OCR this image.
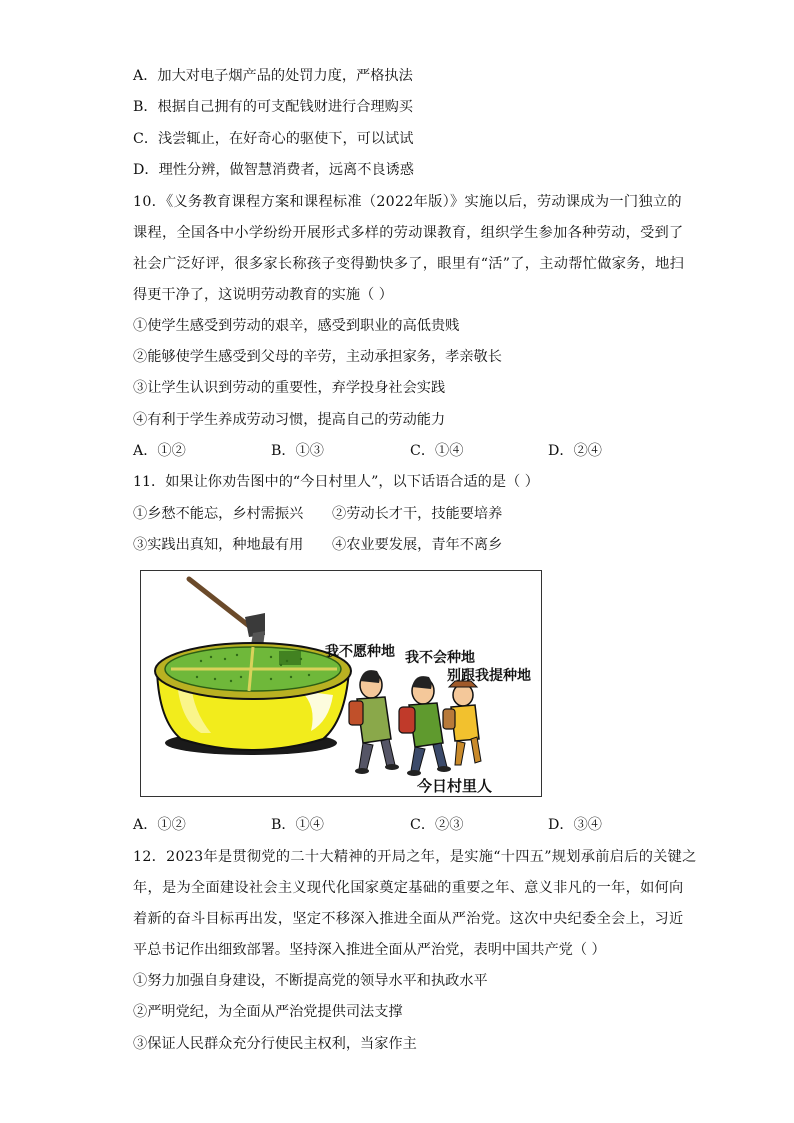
A．加大对电子烟产品的处罚力度，严格执法
B．根据自己拥有的可支配钱财进行合理购买
C．浅尝辄止，在好奇心的驱使下，可以试试
D．理性分辨，做智慧消费者，远离不良诱惑
10．《义务教育课程方案和课程标准（2022年版）》实施以后，劳动课成为一门独立的
课程，全国各中小学纷纷开展形式多样的劳动课教育，组织学生参加各种劳动，受到了
社会广泛好评，很多家长称孩子变得勤快多了，眼里有“活”了，主动帮忙做家务，地扫
得更干净了，这说明劳动教育的实施（ ）
①使学生感受到劳动的艰辛，感受到职业的高低贵贱
②能够使学生感受到父母的辛劳，主动承担家务，孝亲敬长
③让学生认识到劳动的重要性，弃学投身社会实践
④有利于学生养成劳动习惯，提高自己的劳动能力
A．①②	B．①③	C．①④	D．②④
11．如果让你劝告图中的“今日村里人”，以下话语合适的是（ ）
①乡愁不能忘，乡村需振兴 ②劳动长才干，技能要培养
③实践出真知，种地最有用 ④农业要发展，青年不离乡
我不愿种地 我不会种地
别跟我提种地
今日村里人
A．①②	B．①④	C．②③	D．③④
12．2023年是贯彻党的二十大精神的开局之年，是实施“十四五”规划承前启后的关键之
年，是为全面建设社会主义现代化国家奠定基础的重要之年、意义非凡的一年，如何向
着新的奋斗目标再出发，坚定不移深入推进全面从严治党。这次中央纪委全会上，习近
平总书记作出细致部署。坚持深入推进全面从严治党，表明中国共产党（ ）
①努力加强自身建设，不断提高党的领导水平和执政水平
②严明党纪，为全面从严治党提供司法支撑
③保证人民群众充分行使民主权利，当家作主
